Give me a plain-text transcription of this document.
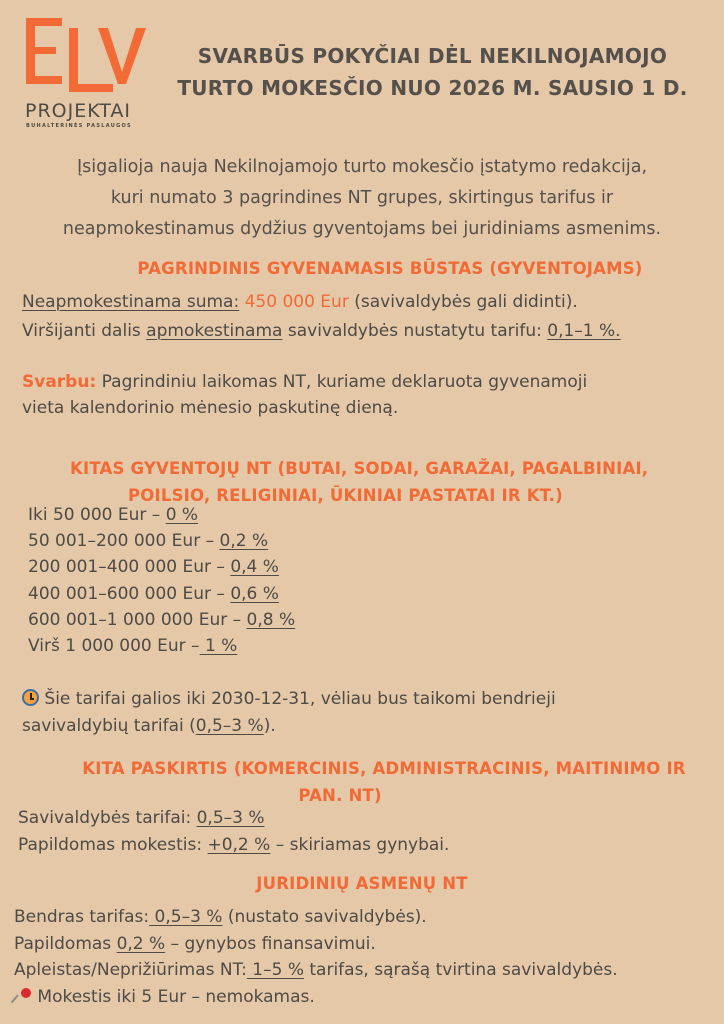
PROJEKTAI
BUHALTERINĖS PASLAUGOS
SVARBŪS POKYČIAI DĖL NEKILNOJAMOJO
TURTO MOKESČIO NUO 2026 M. SAUSIO 1 D.
Įsigalioja nauja Nekilnojamojo turto mokesčio įstatymo redakcija,
kuri numato 3 pagrindines NT grupes, skirtingus tarifus ir
neapmokestinamus dydžius gyventojams bei juridiniams asmenims.
PAGRINDINIS GYVENAMASIS BŪSTAS (GYVENTOJAMS)
Neapmokestinama suma: 450 000 Eur (savivaldybės gali didinti).
Viršijanti dalis apmokestinama savivaldybės nustatytu tarifu: 0,1–1 %.
Svarbu: Pagrindiniu laikomas NT, kuriame deklaruota gyvenamoji
vieta kalendorinio mėnesio paskutinę dieną.
KITAS GYVENTOJŲ NT (BUTAI, SODAI, GARAŽAI, PAGALBINIAI,
POILSIO, RELIGINIAI, ŪKINIAI PASTATAI IR KT.)
Iki 50 000 Eur – 0 %
50 001–200 000 Eur – 0,2 %
200 001–400 000 Eur – 0,4 %
400 001–600 000 Eur – 0,6 %
600 001–1 000 000 Eur – 0,8 %
Virš 1 000 000 Eur – 1 %
Šie tarifai galios iki 2030-12-31, vėliau bus taikomi bendrieji
savivaldybių tarifai (0,5–3 %).
KITA PASKIRTIS (KOMERCINIS, ADMINISTRACINIS, MAITINIMO IR
PAN. NT)
Savivaldybės tarifai: 0,5–3 %
Papildomas mokestis: +0,2 % – skiriamas gynybai.
JURIDINIŲ ASMENŲ NT
Bendras tarifas: 0,5–3 % (nustato savivaldybės).
Papildomas 0,2 % – gynybos finansavimui.
Apleistas/Neprižiūrimas NT: 1–5 % tarifas, sąrašą tvirtina savivaldybės.
Mokestis iki 5 Eur – nemokamas.
